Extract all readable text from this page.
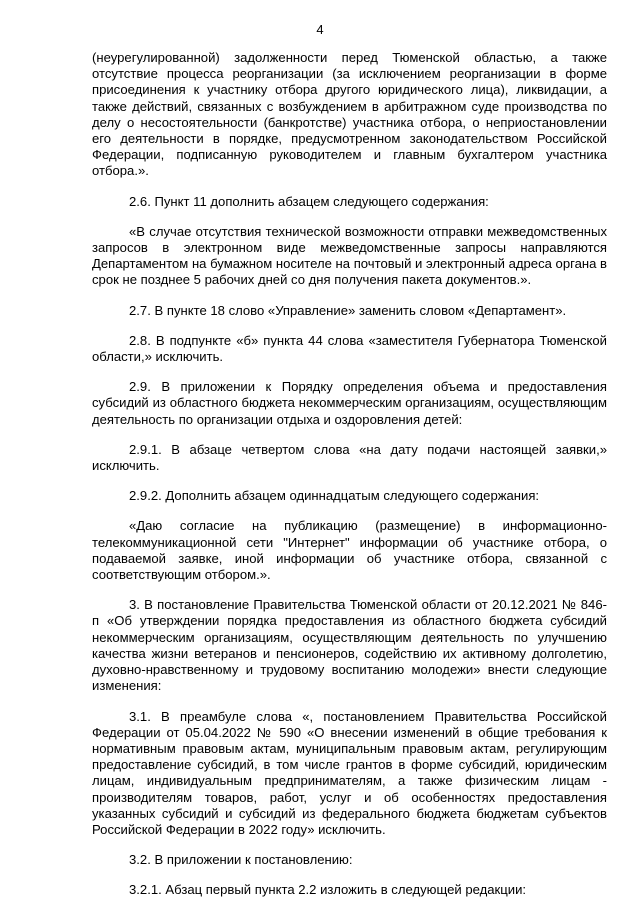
4

(неурегулированной) задолженности перед Тюменской областью, а также отсутствие процесса реорганизации (за исключением реорганизации в форме присоединения к участнику отбора другого юридического лица), ликвидации, а также действий, связанных с возбуждением в арбитражном суде производства по делу о несостоятельности (банкротстве) участника отбора, о неприостановлении его деятельности в порядке, предусмотренном законодательством Российской Федерации, подписанную руководителем и главным бухгалтером участника отбора.».

2.6. Пункт 11 дополнить абзацем следующего содержания:

«В случае отсутствия технической возможности отправки межведомственных запросов в электронном виде межведомственные запросы направляются Департаментом на бумажном носителе на почтовый и электронный адреса органа в срок не позднее 5 рабочих дней со дня получения пакета документов.».

2.7. В пункте 18 слово «Управление» заменить словом «Департамент».

2.8. В подпункте «б» пункта 44 слова «заместителя Губернатора Тюменской области,» исключить.

2.9. В приложении к Порядку определения объема и предоставления субсидий из областного бюджета некоммерческим организациям, осуществляющим деятельность по организации отдыха и оздоровления детей:

2.9.1. В абзаце четвертом слова «на дату подачи настоящей заявки,» исключить.

2.9.2. Дополнить абзацем одиннадцатым следующего содержания:

«Даю согласие на публикацию (размещение) в информационно-телекоммуникационной сети "Интернет" информации об участнике отбора, о подаваемой заявке, иной информации об участнике отбора, связанной с соответствующим отбором.».

3. В постановление Правительства Тюменской области от 20.12.2021 № 846-п «Об утверждении порядка предоставления из областного бюджета субсидий некоммерческим организациям, осуществляющим деятельность по улучшению качества жизни ветеранов и пенсионеров, содействию их активному долголетию, духовно-нравственному и трудовому воспитанию молодежи» внести следующие изменения:

3.1. В преамбуле слова «, постановлением Правительства Российской Федерации от 05.04.2022 № 590 «О внесении изменений в общие требования к нормативным правовым актам, муниципальным правовым актам, регулирующим предоставление субсидий, в том числе грантов в форме субсидий, юридическим лицам, индивидуальным предпринимателям, а также физическим лицам - производителям товаров, работ, услуг и об особенностях предоставления указанных субсидий и субсидий из федерального бюджета бюджетам субъектов Российской Федерации в 2022 году» исключить.

3.2. В приложении к постановлению:

3.2.1. Абзац первый пункта 2.2 изложить в следующей редакции:
